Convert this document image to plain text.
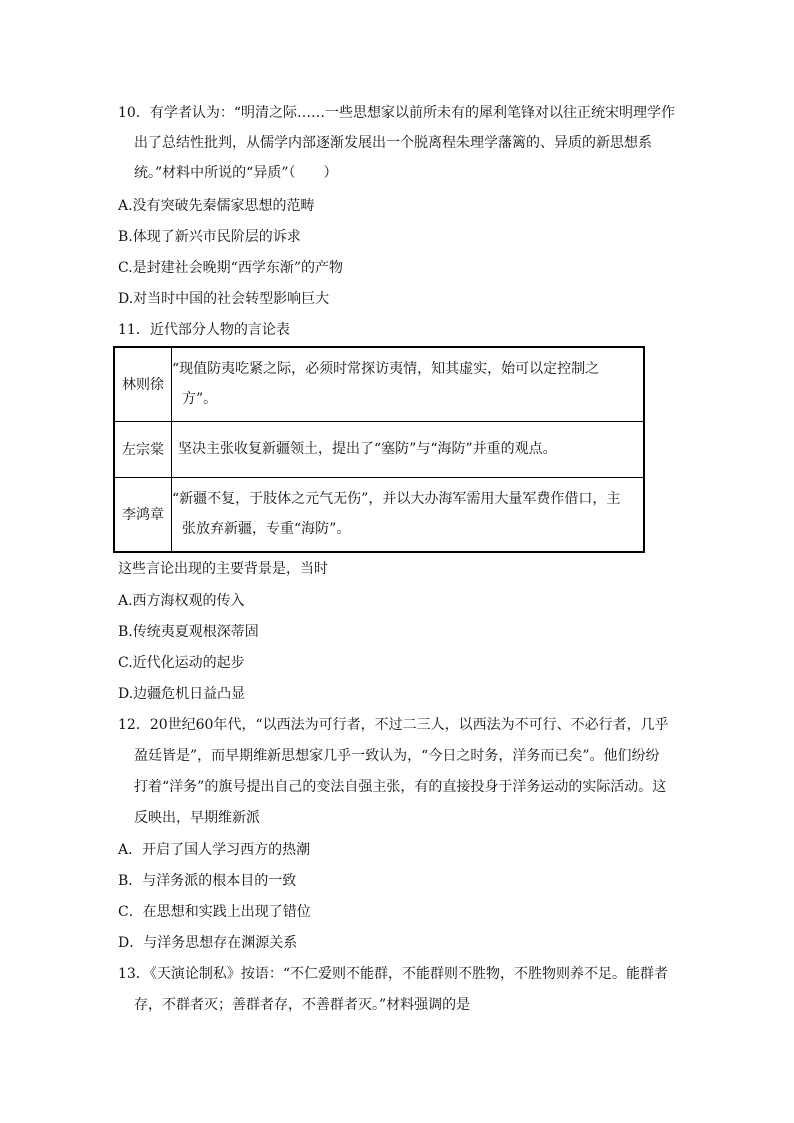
10．有学者认为：“明清之际……一些思想家以前所未有的犀利笔锋对以往正统宋明理学作
出了总结性批判，从儒学内部逐渐发展出一个脱离程朱理学藩篱的、异质的新思想系
统。”材料中所说的“异质”（　　）
A.没有突破先秦儒家思想的范畴
B.体现了新兴市民阶层的诉求
C.是封建社会晚期“西学东渐”的产物
D.对当时中国的社会转型影响巨大
11．近代部分人物的言论表
林则徐	“现值防夷吃紧之际，必须时常探访夷情，知其虚实，始可以定控制之
方”。

左宗棠	坚决主张收复新疆领土，提出了“塞防”与“海防”并重的观点。

李鸿章	“新疆不复，于肢体之元气无伤”，并以大办海军需用大量军费作借口，主
张放弃新疆，专重“海防”。
这些言论出现的主要背景是，当时
A.西方海权观的传入
B.传统夷夏观根深蒂固
C.近代化运动的起步
D.边疆危机日益凸显
12．20世纪60年代，“以西法为可行者，不过二三人，以西法为不可行、不必行者，几乎
盈廷皆是”，而早期维新思想家几乎一致认为，“今日之时务，洋务而已矣”。他们纷纷
打着“洋务”的旗号提出自己的变法自强主张，有的直接投身于洋务运动的实际活动。这
反映出，早期维新派
A．开启了国人学习西方的热潮
B．与洋务派的根本目的一致
C．在思想和实践上出现了错位
D．与洋务思想存在渊源关系
13．《天演论制私》按语：“不仁爱则不能群，不能群则不胜物，不胜物则养不足。能群者
存，不群者灭；善群者存，不善群者灭。”材料强调的是
